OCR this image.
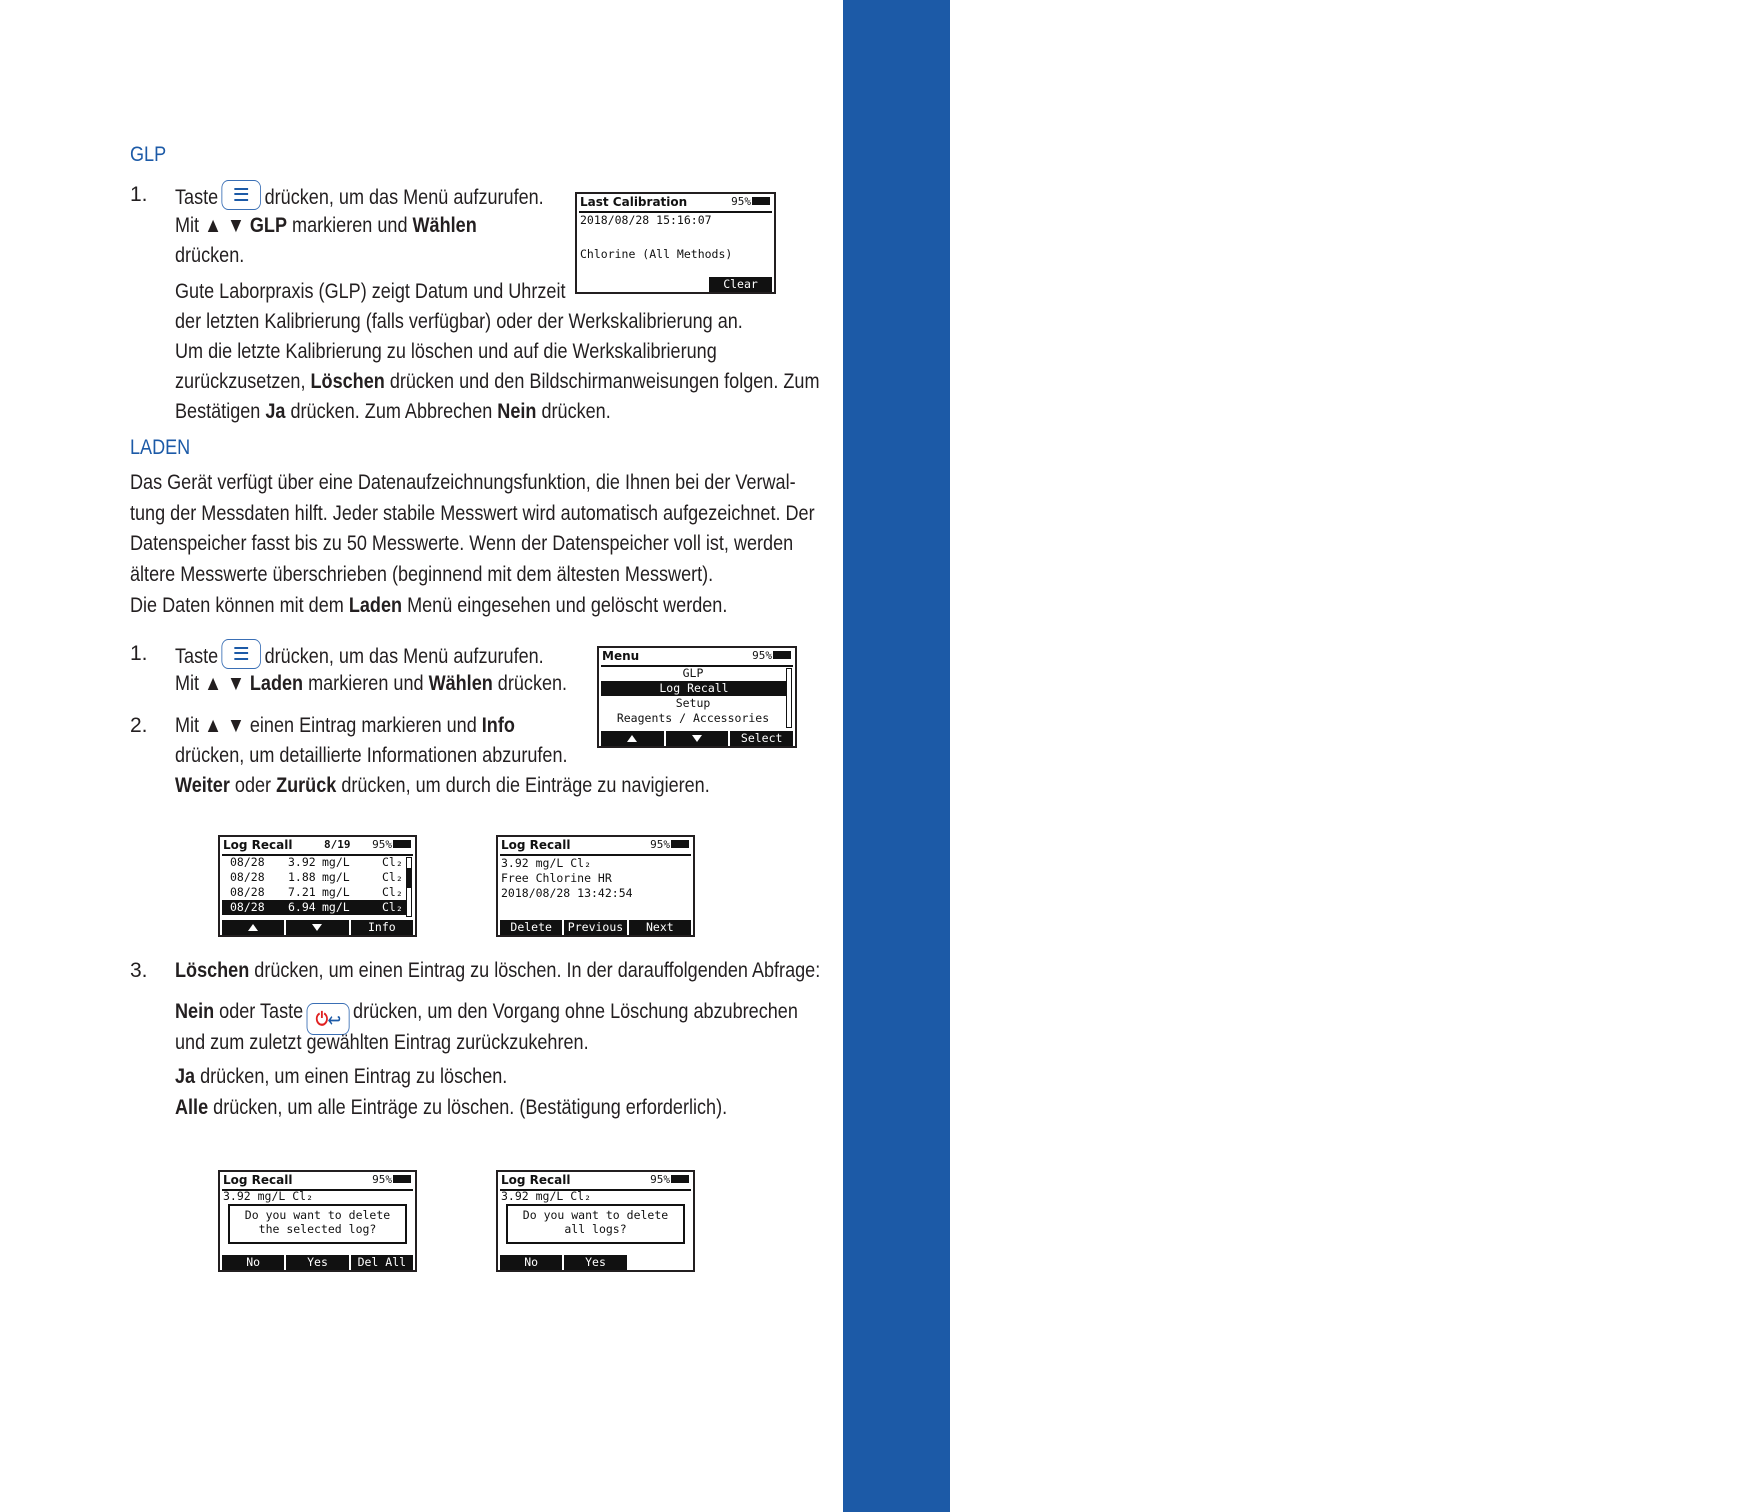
BEDIENUNG
13
GLP
1. Taste drücken, um das Menü aufzurufen.
Mit ▲ ▼ GLP markieren und Wählen
drücken.
Gute Laborpraxis (GLP) zeigt Datum und Uhrzeit
der letzten Kalibrierung (falls verfügbar) oder der Werkskalibrierung an.
Um die letzte Kalibrierung zu löschen und auf die Werkskalibrierung
zurückzusetzen, Löschen drücken und den Bildschirmanweisungen folgen. Zum
Bestätigen Ja drücken. Zum Abbrechen Nein drücken.
Last Calibration	95%
2018/08/28 15:16:07
Chlorine (All Methods)
Clear
LADEN
Das Gerät verfügt über eine Datenaufzeichnungsfunktion, die Ihnen bei der Verwal-
tung der Messdaten hilft. Jeder stabile Messwert wird automatisch aufgezeichnet. Der
Datenspeicher fasst bis zu 50 Messwerte. Wenn der Datenspeicher voll ist, werden
ältere Messwerte überschrieben (beginnend mit dem ältesten Messwert).
Die Daten können mit dem Laden Menü eingesehen und gelöscht werden.
1. Taste drücken, um das Menü aufzurufen.
Mit ▲ ▼ Laden markieren und Wählen drücken.
2. Mit ▲ ▼ einen Eintrag markieren und Info
drücken, um detaillierte Informationen abzurufen.
Weiter oder Zurück drücken, um durch die Einträge zu navigieren.
Menu	95%
GLP
Log Recall
Setup
Reagents / Accessories
Select
Log Recall	8/19 95%
08/28 3.92 mg/L	Cl₂
08/28 1.88 mg/L	Cl₂
08/28 7.21 mg/L	Cl₂
08/28 6.94 mg/L	Cl₂
Info
Log Recall	95%
3.92 mg/L Cl₂
Free Chlorine HR
2018/08/28 13:42:54
Delete	Previous	Next
3. Löschen drücken, um einen Eintrag zu löschen. In der darauffolgenden Abfrage:
Nein oder Taste ⏻↩ drücken, um den Vorgang ohne Löschung abzubrechen
und zum zuletzt gewählten Eintrag zurückzukehren.
Ja drücken, um einen Eintrag zu löschen.
Alle drücken, um alle Einträge zu löschen. (Bestätigung erforderlich).
Log Recall	95%
3.92 mg/L Cl₂
Do you want to delete
the selected log?
No	Yes	Del All
Log Recall	95%
3.92 mg/L Cl₂
Do you want to delete
all logs?
No	Yes
